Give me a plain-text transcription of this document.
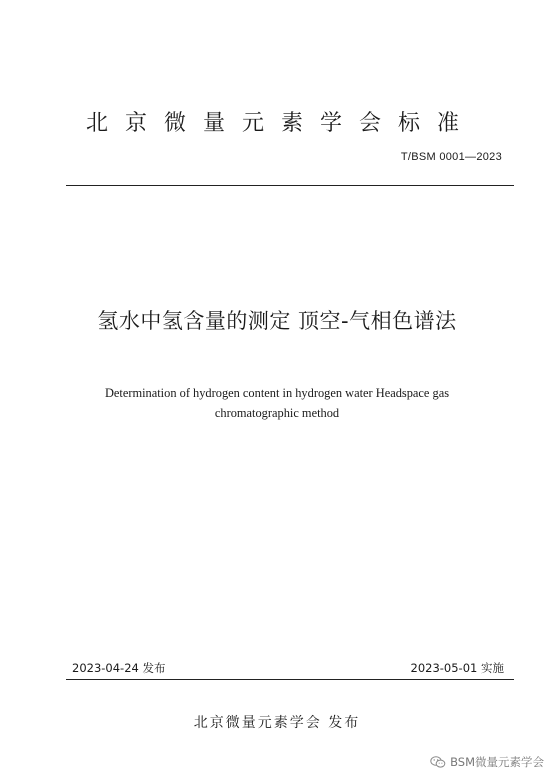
北京微量元素学会标准
T/BSM 0001—2023
氢水中氢含量的测定 顶空-气相色谱法
Determination of hydrogen content in hydrogen water Headspace gas
chromatographic method
2023-04-24 发布	2023-05-01 实施
北京微量元素学会 发布
BSM微量元素学会
